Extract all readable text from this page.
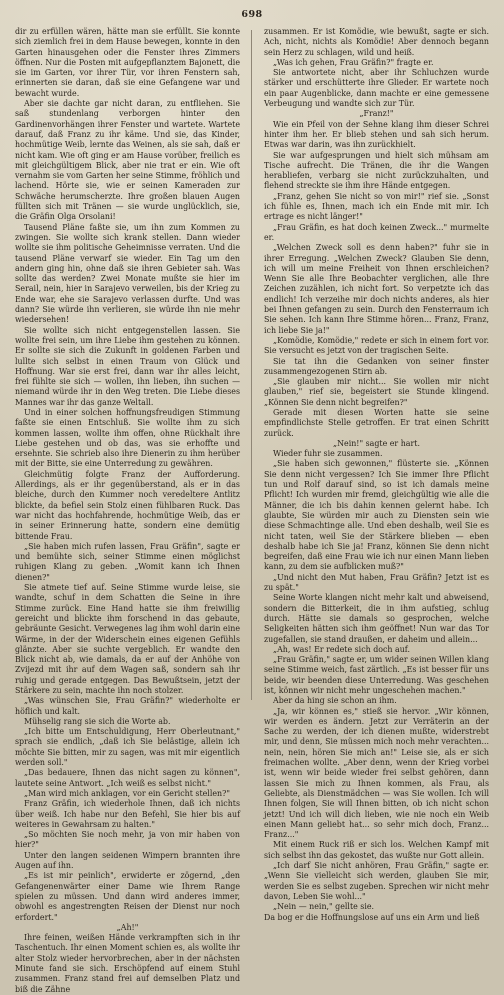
698

dir zu erfüllen wären, hätte man sie erfüllt. Sie konnte sich ziemlich frei in dem Hause bewegen, konnte in den Garten hinausgehen oder die Fenster ihres Zimmers öffnen. Nur die Posten mit aufgepflanztem Bajonett, die sie im Garten, vor ihrer Tür, vor ihren Fenstern sah, erinnerten sie daran, daß sie eine Gefangene war und bewacht wurde.

Aber sie dachte gar nicht daran, zu entfliehen. Sie saß stundenlang verborgen hinter den Gardinenvorhängen ihrer Fenster und wartete. Wartete darauf, daß Franz zu ihr käme. Und sie, das Kinder, hochmütige Weib, lernte das Weinen, als sie sah, daß er nicht kam. Wie oft ging er am Hause vorüber, freilich es mit gleichgültigem Blick, aber nie trat er ein. Wie oft vernahm sie vom Garten her seine Stimme, fröhlich und lachend. Hörte sie, wie er seinen Kameraden zur Schwäche herumscherzte. Ihre großen blauen Augen füllten sich mit Tränen — sie wurde unglücklich, sie, die Gräfin Olga Orsolani!

Tausend Pläne faßte sie, um ihn zum Kommen zu zwingen. Sie wollte sich krank stellen. Dann wieder wollte sie ihm politische Geheimnisse verraten. Und die tausend Pläne verwarf sie wieder. Ein Tag um den andern ging hin, ohne daß sie ihren Gebieter sah. Was sollte das werden? Zwei Monate mußte sie hier im Serail, nein, hier in Sarajevo verweilen, bis der Krieg zu Ende war, ehe sie Sarajevo verlassen durfte. Und was dann? Sie würde ihn verlieren, sie würde ihn nie mehr wiedersehen!

Sie wollte sich nicht entgegenstellen lassen. Sie wollte frei sein, um ihre Liebe ihm gestehen zu können. Er sollte sie sich die Zukunft in goldenen Farben und lullte sich selbst in einen Traum von Glück und Hoffnung. War sie erst frei, dann war ihr alles leicht, frei fühlte sie sich — wollen, ihn lieben, ihn suchen — niemand würde ihr in den Weg treten. Die Liebe dieses Mannes war ihr das ganze Weltall.

Und in einer solchen hoffnungsfreudigen Stimmung faßte sie einen Entschluß. Sie wollte ihm zu sich kommen lassen, wollte ihm offen, ohne Rückhalt ihre Liebe gestehen und ob das, was sie erhoffte und ersehnte. Sie schrieb also ihre Dienerin zu ihm herüber mit der Bitte, sie eine Unterredung zu gewähren.

Gleichmütig folgte Franz der Aufforderung. Allerdings, als er ihr gegenüberstand, als er in das bleiche, durch den Kummer noch veredeltere Antlitz blickte, da befiel sein Stolz einen fühlbaren Ruck. Das war nicht das hochfahrende, hochmütige Weib, das er in seiner Erinnerung hatte, sondern eine demütig bittende Frau.

„Sie haben mich rufen lassen, Frau Gräfin", sagte er und bemühte sich, seiner Stimme einen möglichst ruhigen Klang zu geben. „Womit kann ich Ihnen dienen?"

Sie atmete tief auf. Seine Stimme wurde leise, sie wandte, schuf in dem Schatten die Seine in ihre Stimme zurück. Eine Hand hatte sie ihm freiwillig gereicht und blickte ihm forschend in das gebaute, gebräunte Gesicht. Verwegenes lag ihm wohl darin eine Wärme, in der der Widerschein eines eigenen Gefühls glänzte. Aber sie suchte vergeblich. Er wandte den Blick nicht ab, wie damals, da er auf der Anhöhe von Zvijezd mit ihr auf dem Wagen saß, sondern sah ihr ruhig und gerade entgegen. Das Bewußtsein, jetzt der Stärkere zu sein, machte ihn noch stolzer.

„Was wünschen Sie, Frau Gräfin?" wiederholte er höflich und kalt.

Mühselig rang sie sich die Worte ab.

„Ich bitte um Entschuldigung, Herr Oberleutnant," sprach sie endlich, „daß ich Sie belästige, allein ich möchte Sie bitten, mir zu sagen, was mit mir eigentlich werden soll."

„Das bedauere, Ihnen das nicht sagen zu können", lautete seine Antwort. „Ich weiß es selbst nicht."

„Man wird mich anklagen, vor ein Gericht stellen?"

Franz Gräfin, ich wiederhole Ihnen, daß ich nichts über weiß. Ich habe nur den Befehl, Sie hier bis auf weiteres in Gewahrsam zu halten."

„So möchten Sie noch mehr, ja von mir haben von hier?"

Unter den langen seidenen Wimpern brannten ihre Augen auf ihn.

„Es ist mir peinlich", erwiderte er zögernd, „den Gefangenenwärter einer Dame wie Ihrem Range spielen zu müssen. Und dann wird anderes immer, obwohl es angestrengten Reisen der Dienst nur noch erfordert."

„Ah!"

Ihre feinen, weißen Hände verkrampften sich in ihr Taschentuch. Ihr einen Moment schien es, als wollte ihr alter Stolz wieder hervorbrechen, aber in der nächsten Minute fand sie sich. Erschöpfend auf einem Stuhl zusammen. Franz stand frei auf demselben Platz und biß die Zähne

zusammen. Er ist Komödie, wie bewußt, sagte er sich. Ach, nicht, nichts als Komödie! Aber dennoch begann sein Herz zu schlagen, wild und heiß.

„Was ich gehen, Frau Gräfin?" fragte er.

Sie antwortete nicht, aber ihr Schluchzen wurde stärker und erschütterte ihre Glieder. Er wartete noch ein paar Augenblicke, dann machte er eine gemessene Verbeugung und wandte sich zur Tür.

„Franz!"

Wie ein Pfeil von der Sehne klang ihm dieser Schrei hinter ihm her. Er blieb stehen und sah sich herum. Etwas war darin, was ihn zurückhielt.

Sie war aufgesprungen und hielt sich mühsam am Tische aufrecht. Die Tränen, die ihr die Wangen herabliefen, verbarg sie nicht zurückzuhalten, und flehend streckte sie ihm ihre Hände entgegen.

„Franz, gehen Sie nicht so von mir!" rief sie. „Sonst ich fühle es, Ihnen, mach ich ein Ende mit mir. Ich ertrage es nicht länger!"

„Frau Gräfin, es hat doch keinen Zweck..." murmelte er.

„Welchen Zweck soll es denn haben?" fuhr sie in ihrer Erregung. „Welchen Zweck? Glauben Sie denn, ich will um meine Freiheit von Ihnen erschleichen? Wenn Sie alle Ihre Beobachter verglichen, alle Ihre Zeichen zuzählen, ich nicht fort. So verpetzte ich das endlich! Ich verzeihe mir doch nichts anderes, als hier bei Ihnen gefangen zu sein. Durch den Fensterraum ich Sie sehen. Ich kann Ihre Stimme hören... Franz, Franz, ich liebe Sie ja!"

„Komödie, Komödie," redete er sich in einem fort vor. Sie versucht es jetzt von der tragischen Seite.

Sie tat ihn die Gedanken von seiner finster zusammengezogenen Stirn ab.

„Sie glauben mir nicht... Sie wollen mir nicht glauben," rief sie, begeistert sie Stunde klingend. „Können Sie denn nicht begreifen?"

Gerade mit diesen Worten hatte sie seine empfindlichste Stelle getroffen. Er trat einen Schritt zurück.

„Nein!" sagte er hart.

Wieder fuhr sie zusammen.

„Sie haben sich gewonnen," flüsterte sie. „Können Sie denn nicht vergessen? Ich Sie immer Ihre Pflicht tun und Rolf darauf sind, so ist ich damals meine Pflicht! Ich wurden mir fremd, gleichgültig wie alle die Männer, die ich bis dahin kennen gelernt habe. Ich glaubte, Sie würden mir auch zu Diensten sein wie diese Schmachtinge alle. Und eben deshalb, weil Sie es nicht taten, weil Sie der Stärkere blieben — eben deshalb habe ich Sie ja! Franz, können Sie denn nicht begreifen, daß eine Frau wie ich nur einen Mann lieben kann, zu dem sie aufblicken muß?"

„Und nicht den Mut haben, Frau Gräfin? Jetzt ist es zu spät."

Seine Worte klangen nicht mehr kalt und abweisend, sondern die Bitterkeit, die in ihm aufstieg, schlug durch. Hätte sie damals so gesprochen, welche Seligkeiten hätten sich ihm geöffnet! Nun war das Tor zugefallen, sie stand draußen, er daheim und allein...

„Ah, was! Er redete sich doch auf.

„Frau Gräfin," sagte er, um wider seinen Willen klang seine Stimme weich, fast zärtlich. „Es ist besser für uns beide, wir beenden diese Unterredung. Was geschehen ist, können wir nicht mehr ungeschehen machen."

Aber da hing sie schon an ihm.

„Ja, wir können es," stieß sie hervor. „Wir können, wir werden es ändern. Jetzt zur Verräterin an der Sache zu werden, der ich dienen mußte, widerstrebt mir, und denn, Sie müssen mich noch mehr verachten... nein, nein, hören Sie mich an!" Leise sie, als er sich freimachen wollte. „Aber denn, wenn der Krieg vorbei ist, wenn wir beide wieder frei selbst gehören, dann lassen Sie mich zu Ihnen kommen, als Frau, als Geliebte, als Dienstmädchen — was Sie wollen. Ich will Ihnen folgen, Sie will Ihnen bitten, ob ich nicht schon jetzt! Und ich will dich lieben, wie nie noch ein Weib einen Mann geliebt hat... so sehr mich doch, Franz... Franz..."

Mit einem Ruck riß er sich los. Welchen Kampf mit sich selbst ihn das gekostet, das wußte nur Gott allein.

„Ich darf Sie nicht anhören, Frau Gräfin," sagte er. „Wenn Sie vielleicht sich werden, glauben Sie mir, werden Sie es selbst zugeben. Sprechen wir nicht mehr davon, Leben Sie wohl..."

„Nein — nein," gellte sie.

Da bog er die Hoffnungslose auf uns ein Arm und ließ
